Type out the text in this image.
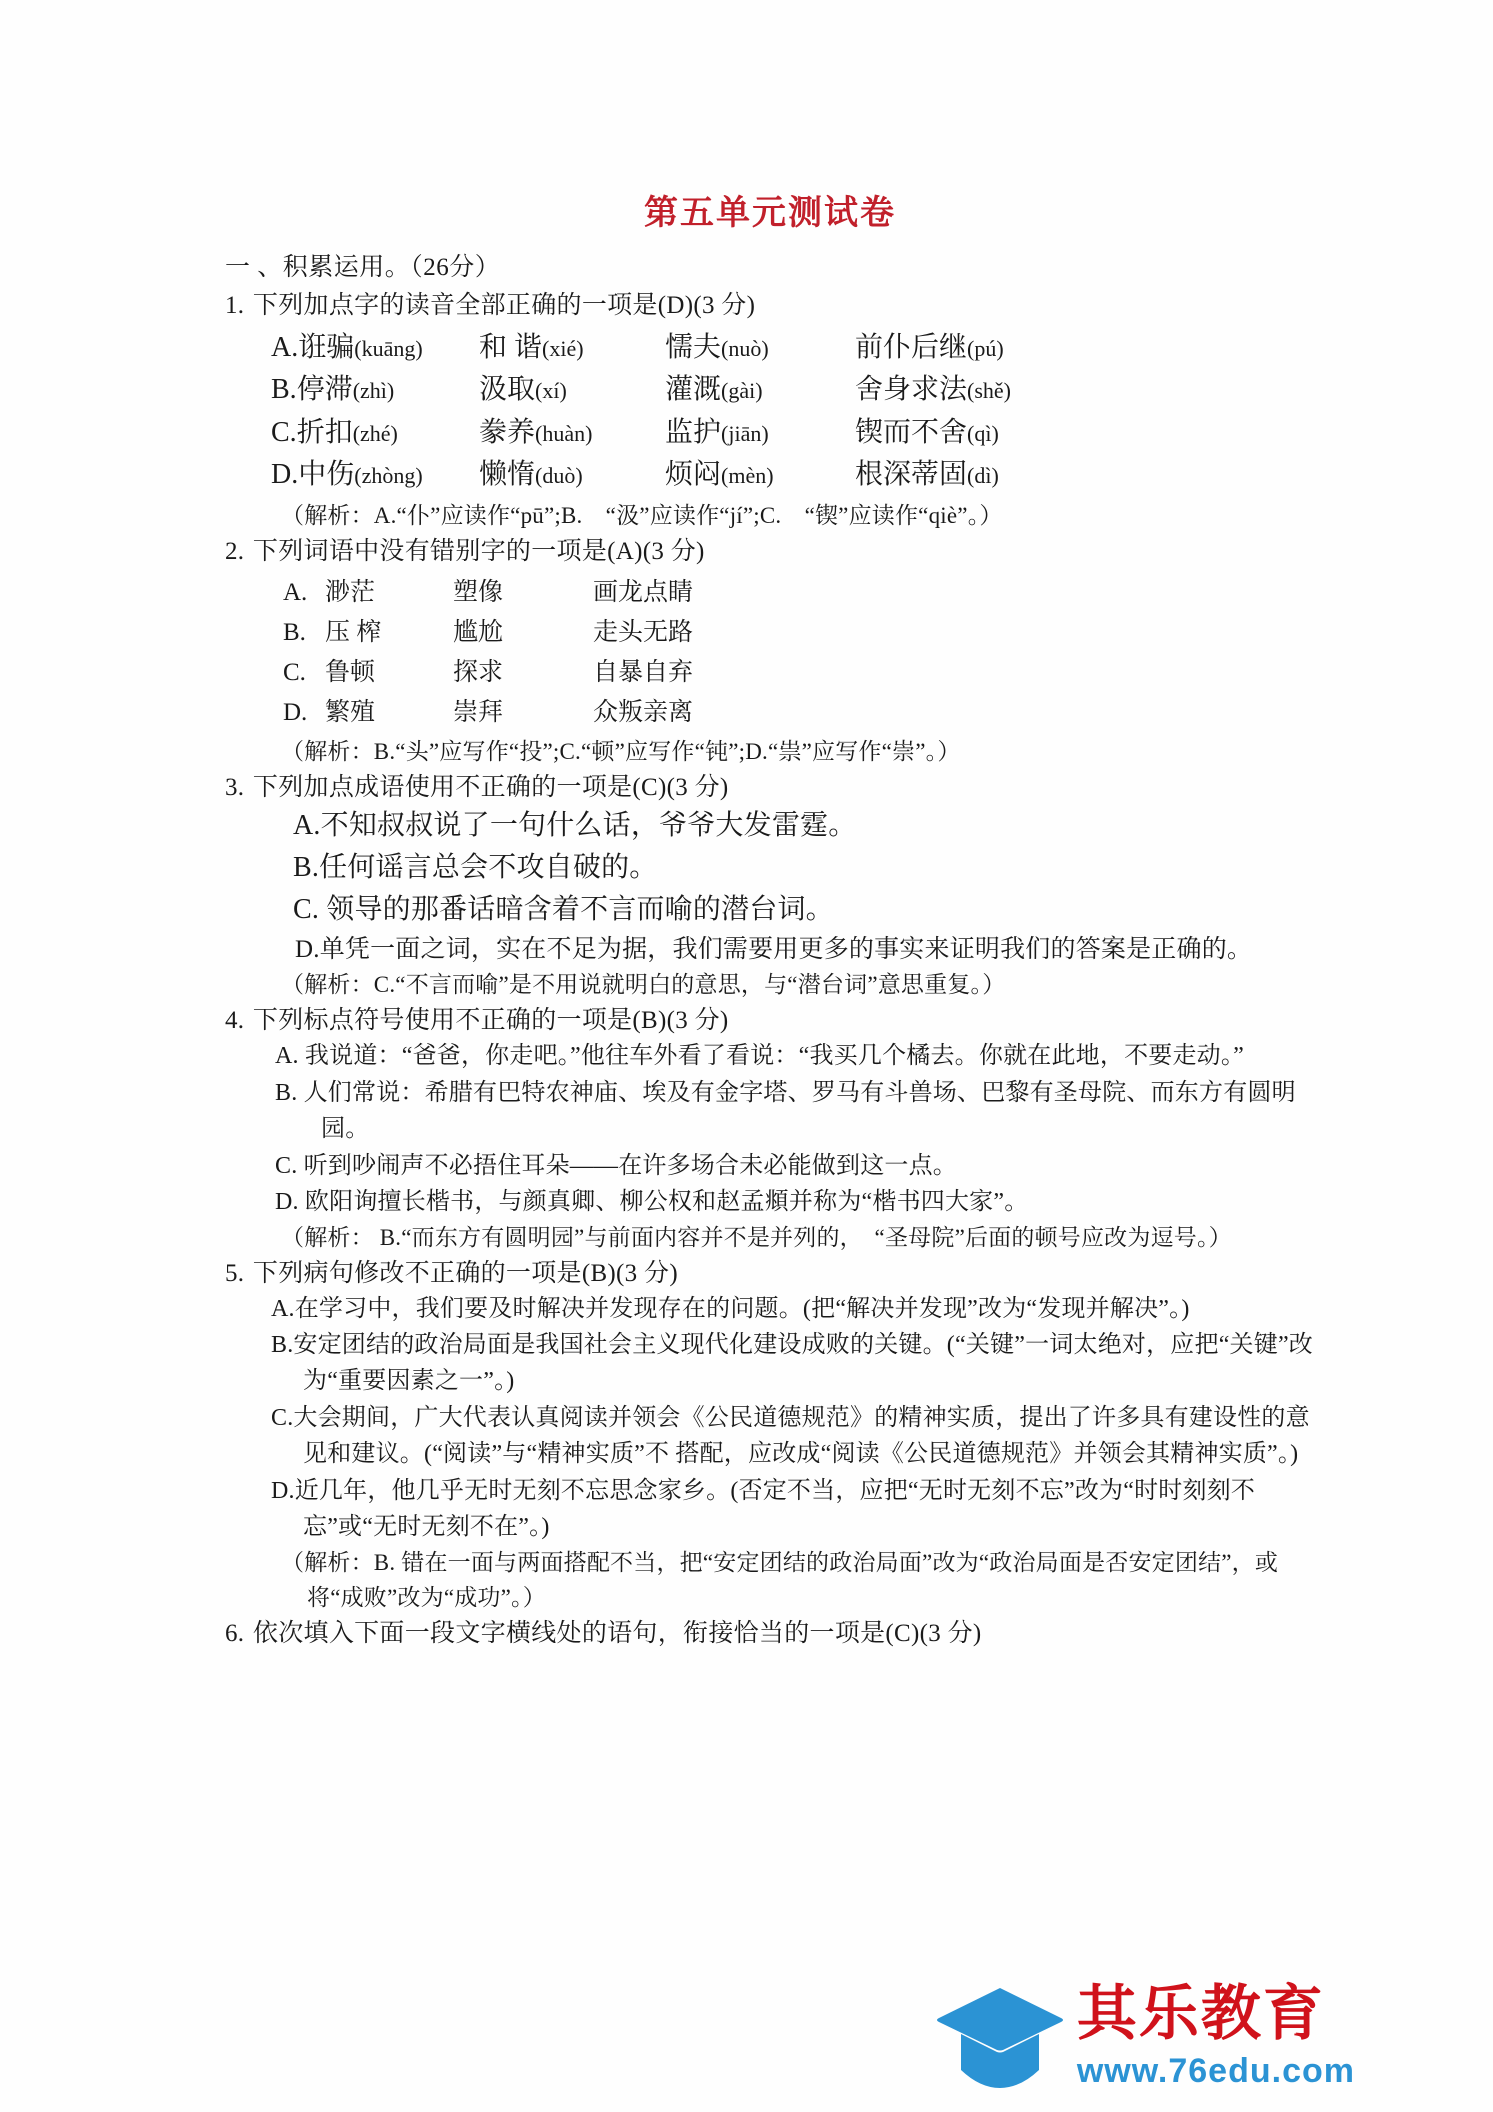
第五单元测试卷

一 、积累运用。（26分）

1. 下列加点字的读音全部正确的一项是(D)(3 分)

A.诳骗(kuāng)	和 谐(xié)	懦夫(nuò)	前仆后继(pú)
B.停滞(zhì)	汲取(xí)	灌溉(gài)	舍身求法(shě)
C.折扣(zhé)	豢养(huàn)	监护(jiān)	锲而不舍(qì)
D.中伤(zhòng)	懒惰(duò)	烦闷(mèn)	根深蒂固(dì)

（解析：A.“仆”应读作“pū”;B.　“汲”应读作“jí”;C.　“锲”应读作“qiè”。）

2. 下列词语中没有错别字的一项是(A)(3 分)

A.	渺茫	塑像	画龙点睛
B.	压 榨	尴尬	走头无路
C.	鲁顿	探求	自暴自弃
D.	繁殖	崇拜	众叛亲离

（解析：B.“头”应写作“投”;C.“顿”应写作“钝”;D.“祟”应写作“崇”。）

3. 下列加点成语使用不正确的一项是(C)(3 分)

A.不知叔叔说了一句什么话，爷爷大发雷霆。

B.任何谣言总会不攻自破的。

C. 领导的那番话暗含着不言而喻的潜台词。

D.单凭一面之词，实在不足为据，我们需要用更多的事实来证明我们的答案是正确的。

（解析：C.“不言而喻”是不用说就明白的意思，与“潜台词”意思重复。）

4. 下列标点符号使用不正确的一项是(B)(3 分)

A. 我说道：“爸爸，你走吧。”他往车外看了看说：“我买几个橘去。你就在此地，不要走动。”

B. 人们常说：希腊有巴特农神庙、埃及有金字塔、罗马有斗兽场、巴黎有圣母院、而东方有圆明园。

C. 听到吵闹声不必捂住耳朵——在许多场合未必能做到这一点。

D. 欧阳询擅长楷书，与颜真卿、柳公权和赵孟頫并称为“楷书四大家”。

（解析： B.“而东方有圆明园”与前面内容并不是并列的，　“圣母院”后面的顿号应改为逗号。）

5. 下列病句修改不正确的一项是(B)(3 分)

A.在学习中，我们要及时解决并发现存在的问题。(把“解决并发现”改为“发现并解决”。)

B.安定团结的政治局面是我国社会主义现代化建设成败的关键。(“关键”一词太绝对，应把“关键”改为“重要因素之一”。)

C.大会期间，广大代表认真阅读并领会《公民道德规范》的精神实质，提出了许多具有建设性的意见和建议。(“阅读”与“精神实质”不 搭配，应改成“阅读《公民道德规范》并领会其精神实质”。)

D.近几年，他几乎无时无刻不忘思念家乡。(否定不当，应把“无时无刻不忘”改为“时时刻刻不忘”或“无时无刻不在”。)

（解析：B. 错在一面与两面搭配不当，把“安定团结的政治局面”改为“政治局面是否安定团结”，或将“成败”改为“成功”。）

6. 依次填入下面一段文字横线处的语句，衔接恰当的一项是(C)(3 分)

其乐教育
www.76edu.com
